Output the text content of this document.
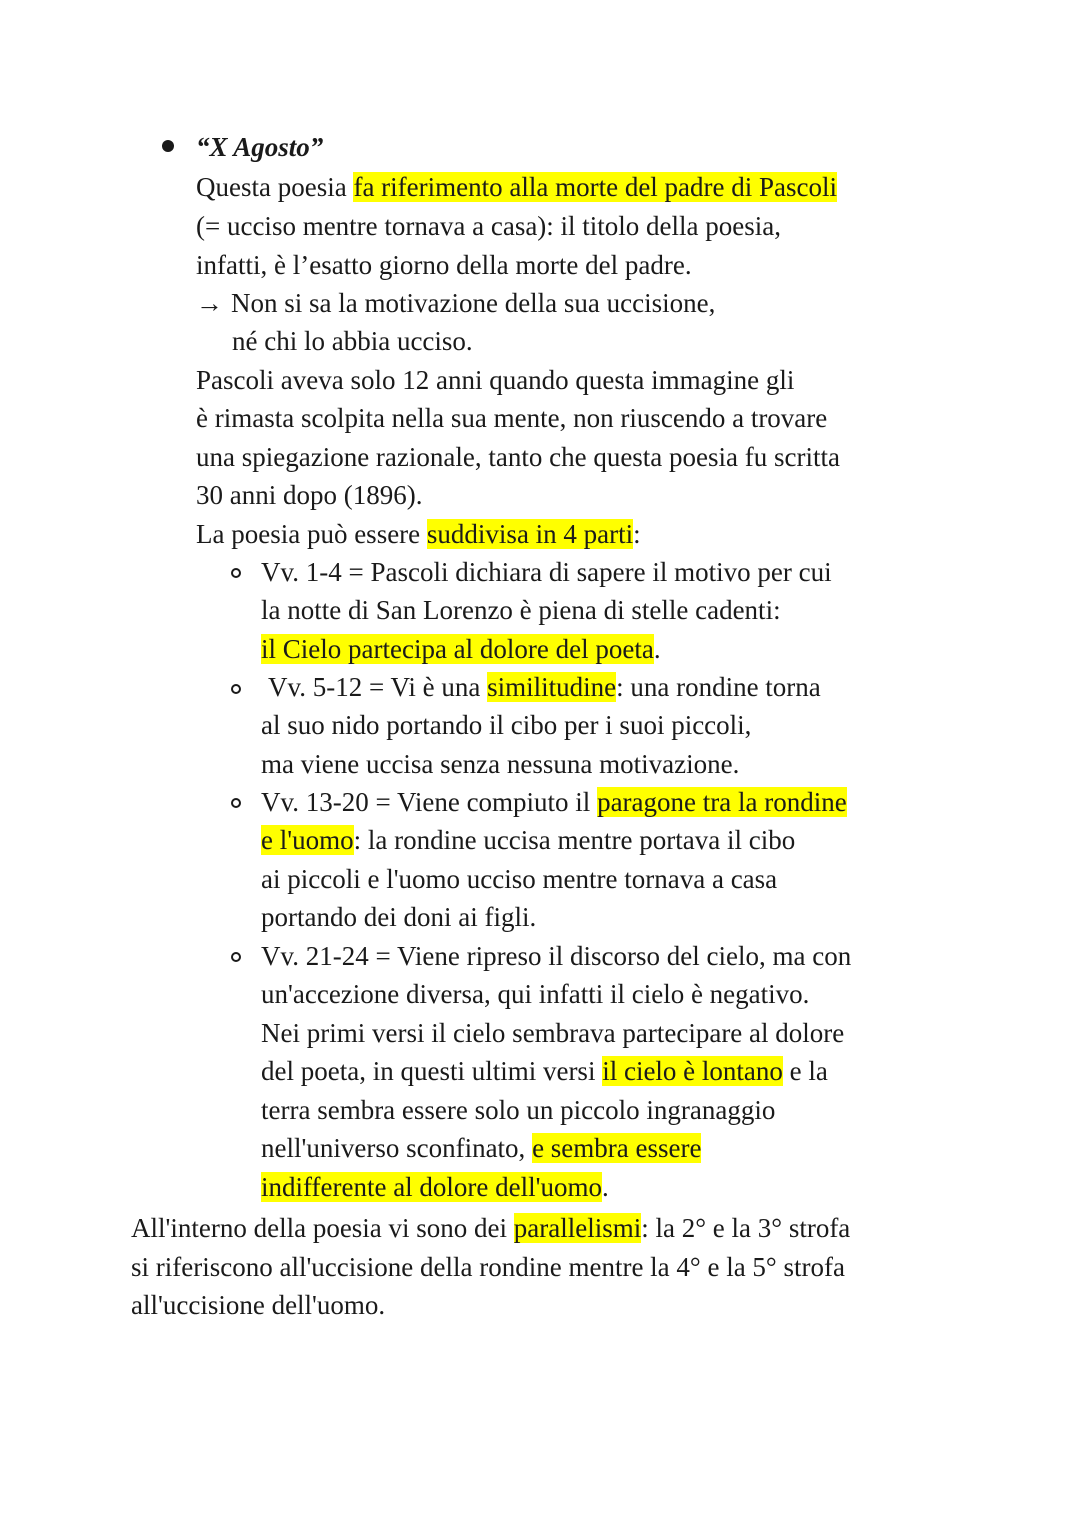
“X Agosto”
Questa poesia fa riferimento alla morte del padre di Pascoli
(= ucciso mentre tornava a casa): il titolo della poesia,
infatti, è l’esatto giorno della morte del padre.
→ Non si sa la motivazione della sua uccisione,
né chi lo abbia ucciso.
Pascoli aveva solo 12 anni quando questa immagine gli
è rimasta scolpita nella sua mente, non riuscendo a trovare
una spiegazione razionale, tanto che questa poesia fu scritta
30 anni dopo (1896).
La poesia può essere suddivisa in 4 parti:
Vv. 1-4 = Pascoli dichiara di sapere il motivo per cui
la notte di San Lorenzo è piena di stelle cadenti:
il Cielo partecipa al dolore del poeta.
Vv. 5-12 = Vi è una similitudine: una rondine torna
al suo nido portando il cibo per i suoi piccoli,
ma viene uccisa senza nessuna motivazione.
Vv. 13-20 = Viene compiuto il paragone tra la rondine
e l'uomo: la rondine uccisa mentre portava il cibo
ai piccoli e l'uomo ucciso mentre tornava a casa
portando dei doni ai figli.
Vv. 21-24 = Viene ripreso il discorso del cielo, ma con
un'accezione diversa, qui infatti il cielo è negativo.
Nei primi versi il cielo sembrava partecipare al dolore
del poeta, in questi ultimi versi il cielo è lontano e la
terra sembra essere solo un piccolo ingranaggio
nell'universo sconfinato, e sembra essere
indifferente al dolore dell'uomo.
All'interno della poesia vi sono dei parallelismi: la 2° e la 3° strofa
si riferiscono all'uccisione della rondine mentre la 4° e la 5° strofa
all'uccisione dell'uomo.
